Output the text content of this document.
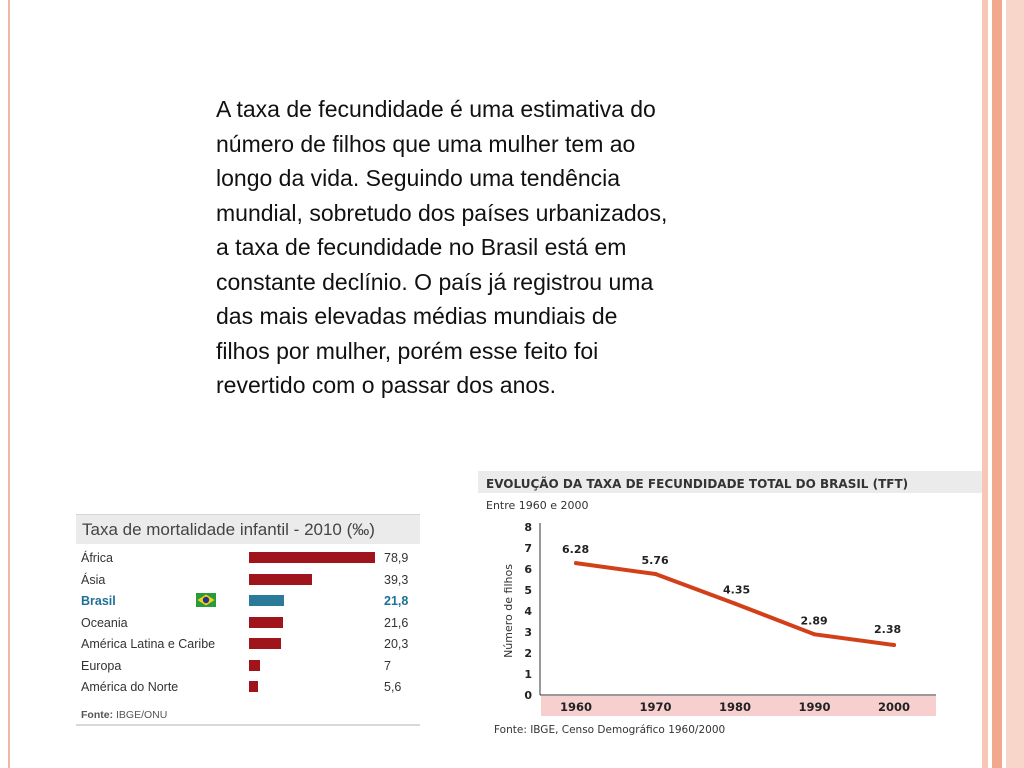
A taxa de fecundidade é uma estimativa do
número de filhos que uma mulher tem ao
longo da vida. Seguindo uma tendência
mundial, sobretudo dos países urbanizados,
a taxa de fecundidade no Brasil está em
constante declínio. O país já registrou uma
das mais elevadas médias mundiais de
filhos por mulher, porém esse feito foi
revertido com o passar dos anos.
Taxa de mortalidade infantil - 2010 (‰)
África	78,9
Ásia	39,3
Brasil	21,8
Oceania	21,6
América Latina e Caribe	20,3
Europa	7
América do Norte	5,6
Fonte: IBGE/ONU
EVOLUÇÃO DA TAXA DE FECUNDIDADE TOTAL DO BRASIL (TFT)
Entre 1960 e 2000
0
1
2
3
4
5
6
7
8
Número de filhos
1960	1970	1980	1990	2000
6.28
5.76
4.35
2.89
2.38
Fonte: IBGE, Censo Demográfico 1960/2000
